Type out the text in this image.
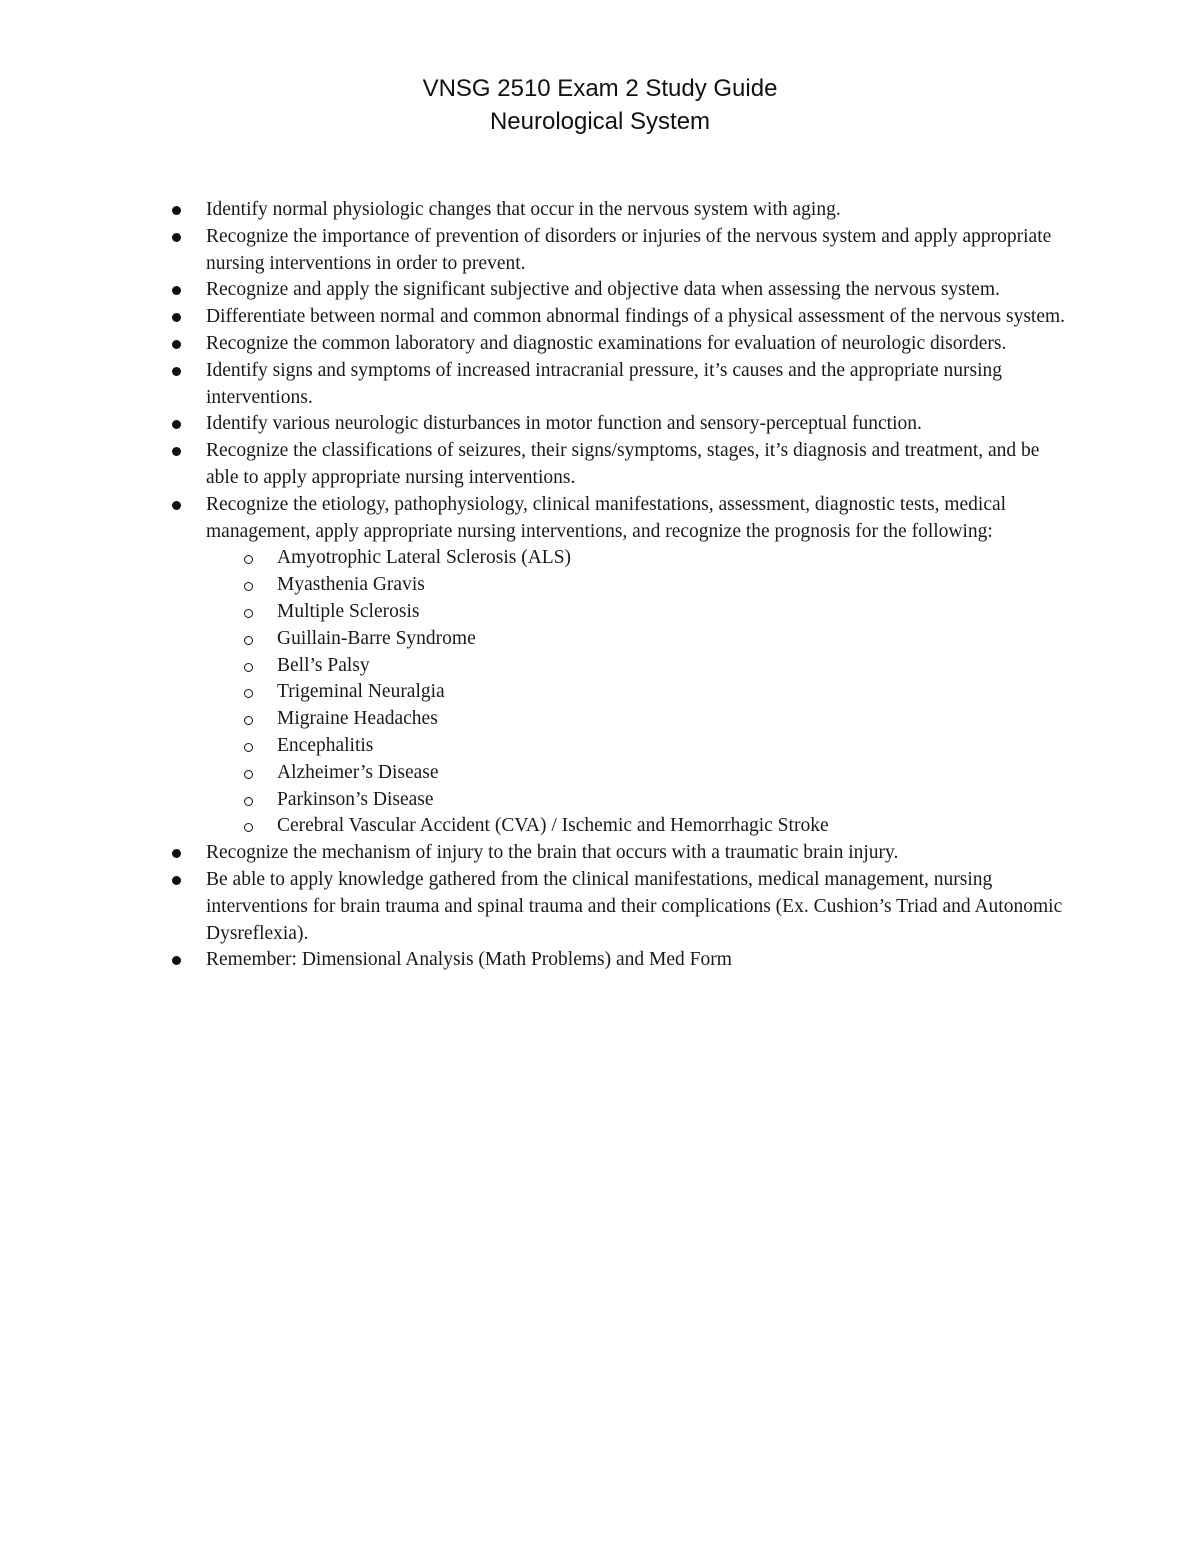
VNSG 2510 Exam 2 Study Guide
Neurological System
Identify normal physiologic changes that occur in the nervous system with aging.
Recognize the importance of prevention of disorders or injuries of the nervous system and apply appropriate nursing interventions in order to prevent.
Recognize and apply the significant subjective and objective data when assessing the nervous system.
Differentiate between normal and common abnormal findings of a physical assessment of the nervous system.
Recognize the common laboratory and diagnostic examinations for evaluation of neurologic disorders.
Identify signs and symptoms of increased intracranial pressure, it’s causes and the appropriate nursing interventions.
Identify various neurologic disturbances in motor function and sensory-perceptual function.
Recognize the classifications of seizures, their signs/symptoms, stages, it’s diagnosis and treatment, and be able to apply appropriate nursing interventions.
Recognize the etiology, pathophysiology, clinical manifestations, assessment, diagnostic tests, medical management, apply appropriate nursing interventions, and recognize the prognosis for the following:
Amyotrophic Lateral Sclerosis (ALS)
Myasthenia Gravis
Multiple Sclerosis
Guillain-Barre Syndrome
Bell’s Palsy
Trigeminal Neuralgia
Migraine Headaches
Encephalitis
Alzheimer’s Disease
Parkinson’s Disease
Cerebral Vascular Accident (CVA) / Ischemic and Hemorrhagic Stroke
Recognize the mechanism of injury to the brain that occurs with a traumatic brain injury.
Be able to apply knowledge gathered from the clinical manifestations, medical management, nursing interventions for brain trauma and spinal trauma and their complications (Ex. Cushion’s Triad and Autonomic Dysreflexia).
Remember: Dimensional Analysis (Math Problems) and Med Form
